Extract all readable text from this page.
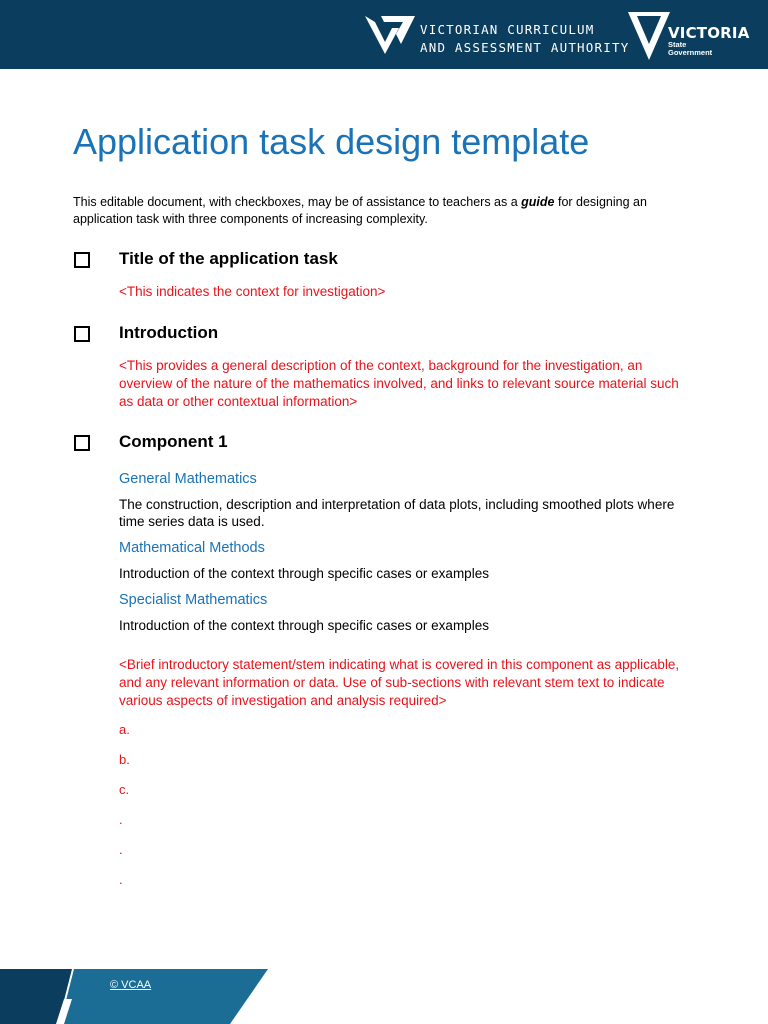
VICTORIAN CURRICULUM
AND ASSESSMENT AUTHORITY
VICTORIA
State
Government
Application task design template

This editable document, with checkboxes, may be of assistance to teachers as a guide for designing an application task with three components of increasing complexity.

Title of the application task

<This indicates the context for investigation>

Introduction

<This provides a general description of the context, background for the investigation, an overview of the nature of the mathematics involved, and links to relevant source material such as data or other contextual information>

Component 1

General Mathematics

The construction, description and interpretation of data plots, including smoothed plots where time series data is used.

Mathematical Methods

Introduction of the context through specific cases or examples

Specialist Mathematics

Introduction of the context through specific cases or examples

<Brief introductory statement/stem indicating what is covered in this component as applicable, and any relevant information or data. Use of sub-sections with relevant stem text to indicate various aspects of investigation and analysis required>

a.

b.

c.

.

.

.

© VCAA
